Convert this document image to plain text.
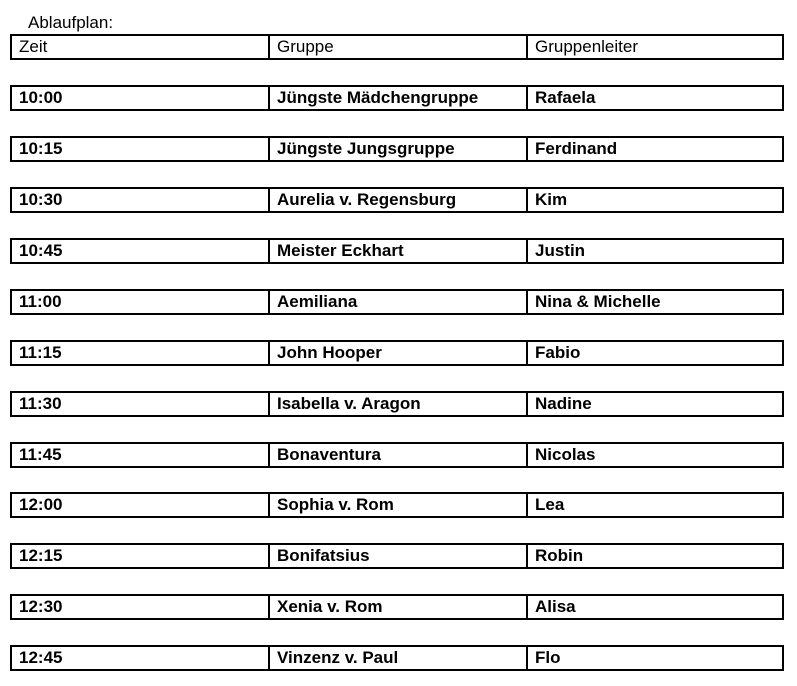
Ablaufplan:
Zeit	Gruppe	Gruppenleiter
10:00	Jüngste Mädchengruppe	Rafaela
10:15	Jüngste Jungsgruppe	Ferdinand
10:30	Aurelia v. Regensburg	Kim
10:45	Meister Eckhart	Justin
11:00	Aemiliana	Nina & Michelle
11:15	John Hooper	Fabio
11:30	Isabella v. Aragon	Nadine
11:45	Bonaventura	Nicolas
12:00	Sophia v. Rom	Lea
12:15	Bonifatsius	Robin
12:30	Xenia v. Rom	Alisa
12:45	Vinzenz v. Paul	Flo
